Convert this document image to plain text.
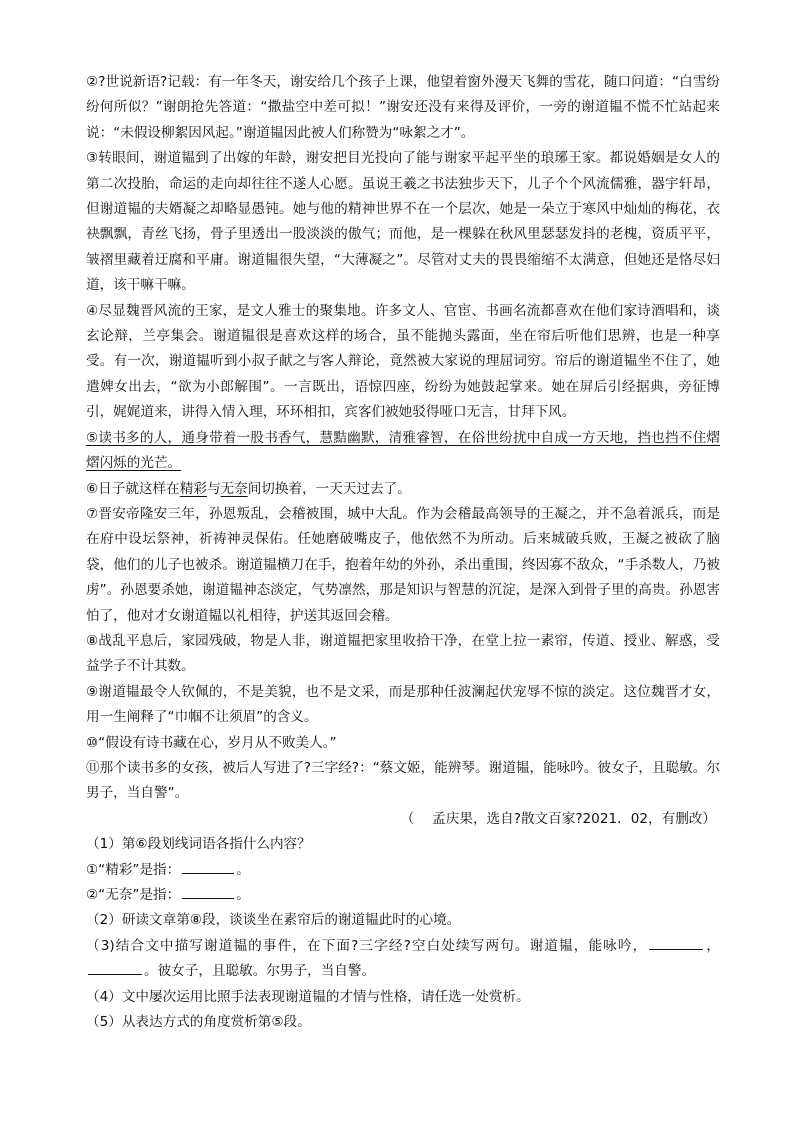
②?世说新语?记载：有一年冬天，谢安给几个孩子上课，他望着窗外漫天飞舞的雪花，随口问道：“白雪纷纷何所似？”谢朗抢先答道：“撒盐空中差可拟！”谢安还没有来得及评价，一旁的谢道韫不慌不忙站起来说：“未假设柳絮因风起。”谢道韫因此被人们称赞为“咏絮之才”。

③转眼间，谢道韫到了出嫁的年龄，谢安把目光投向了能与谢家平起平坐的琅琊王家。都说婚姻是女人的第二次投胎，命运的走向却往往不遂人心愿。虽说王羲之书法独步天下，儿子个个风流儒雅，器宇轩昂，但谢道韫的夫婿凝之却略显愚钝。她与他的精神世界不在一个层次，她是一朵立于寒风中灿灿的梅花，衣袂飘飘，青丝飞扬，骨子里透出一股淡淡的傲气；而他，是一棵躲在秋风里瑟瑟发抖的老槐，资质平平，皱褶里藏着迂腐和平庸。谢道韫很失望，“大薄凝之”。尽管对丈夫的畏畏缩缩不太满意，但她还是恪尽妇道，该干嘛干嘛。

④尽显魏晋风流的王家，是文人雅士的聚集地。许多文人、官宦、书画名流都喜欢在他们家诗酒唱和，谈玄论辩，兰亭集会。谢道韫很是喜欢这样的场合，虽不能抛头露面，坐在帘后听他们思辨，也是一种享受。有一次，谢道韫听到小叔子献之与客人辩论，竟然被大家说的理屈词穷。帘后的谢道韫坐不住了，她遣婢女出去，“欲为小郎解围”。一言既出，语惊四座，纷纷为她鼓起掌来。她在屏后引经据典，旁征博引，娓娓道来，讲得入情入理，环环相扣，宾客们被她驳得哑口无言，甘拜下风。

⑤读书多的人，通身带着一股书香气，慧黠幽默，清雅睿智，在俗世纷扰中自成一方天地，挡也挡不住熠熠闪烁的光芒。

⑥日子就这样在精彩与无奈间切换着，一天天过去了。

⑦晋安帝隆安三年，孙恩叛乱，会稽被围，城中大乱。作为会稽最高领导的王凝之，并不急着派兵，而是在府中设坛祭神，祈祷神灵保佑。任她磨破嘴皮子，他依然不为所动。后来城破兵败，王凝之被砍了脑袋，他们的儿子也被杀。谢道韫横刀在手，抱着年幼的外孙，杀出重围，终因寡不敌众，“手杀数人，乃被虏”。孙恩要杀她，谢道韫神态淡定，气势凛然，那是知识与智慧的沉淀，是深入到骨子里的高贵。孙恩害怕了，他对才女谢道韫以礼相待，护送其返回会稽。

⑧战乱平息后，家园残破，物是人非，谢道韫把家里收拾干净，在堂上拉一素帘，传道、授业、解惑，受益学子不计其数。

⑨谢道韫最令人钦佩的，不是美貌，也不是文采，而是那种任波澜起伏宠辱不惊的淡定。这位魏晋才女，用一生阐释了“巾帼不让须眉”的含义。

⑩“假设有诗书藏在心，岁月从不败美人。”

⑪那个读书多的女孩，被后人写进了?三字经?：“蔡文姬，能辨琴。谢道韫，能咏吟。彼女子，且聪敏。尔男子，当自警”。

（　 孟庆果，选自?散文百家?2021．02，有删改）

（1）第⑥段划线词语各指什么内容？

①“精彩”是指：	。

②“无奈”是指：	。

（2）研读文章第⑧段，谈谈坐在素帘后的谢道韫此时的心境。

（3)结合文中描写谢道韫的事件，在下面?三字经?空白处续写两句。谢道韫，能咏吟，	，。彼女子，且聪敏。尔男子，当自警。

（4）文中屡次运用比照手法表现谢道韫的才情与性格，请任选一处赏析。

（5）从表达方式的角度赏析第⑤段。
